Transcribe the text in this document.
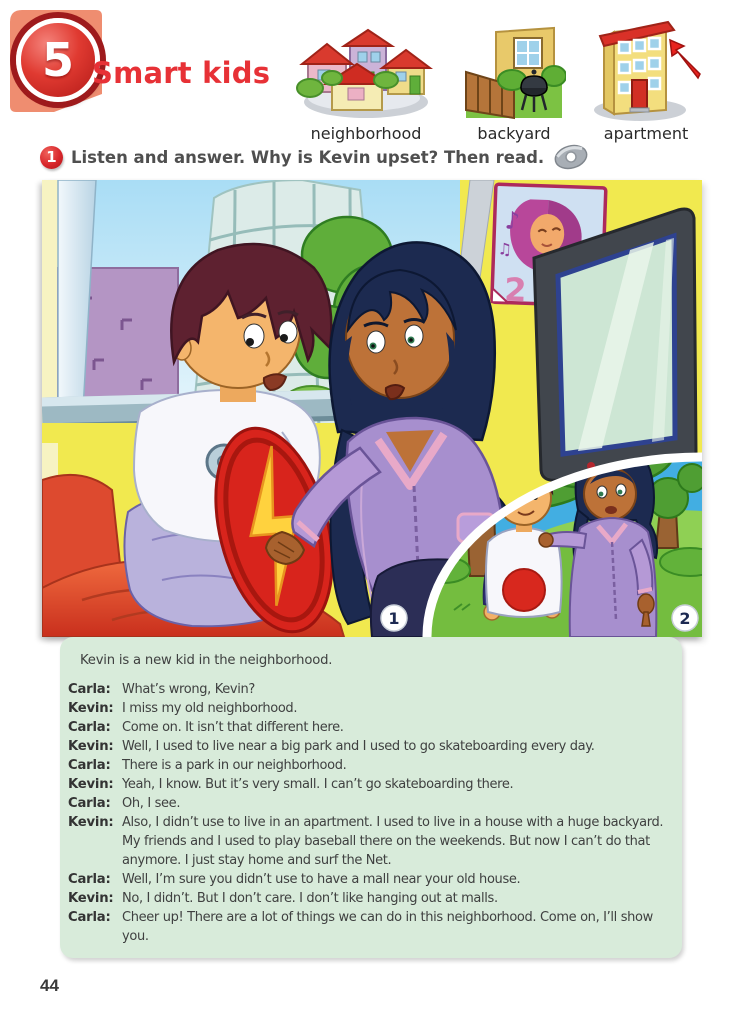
5 Smart kids
neighborhood	backyard	apartment
1 Listen and answer. Why is Kevin upset? Then read.
♪
♫
2
1	2

Kevin is a new kid in the neighborhood.

Carla: What’s wrong, Kevin?
Kevin: I miss my old neighborhood.
Carla: Come on. It isn’t that different here.
Kevin: Well, I used to live near a big park and I used to go skateboarding every day.
Carla: There is a park in our neighborhood.
Kevin: Yeah, I know. But it’s very small. I can’t go skateboarding there.
Carla: Oh, I see.
Kevin: Also, I didn’t use to live in an apartment. I used to live in a house with a huge backyard. My friends and I used to play baseball there on the weekends. But now I can’t do that anymore. I just stay home and surf the Net.
Carla: Well, I’m sure you didn’t use to have a mall near your old house.
Kevin: No, I didn’t. But I don’t care. I don’t like hanging out at malls.
Carla: Cheer up! There are a lot of things we can do in this neighborhood. Come on, I’ll show you.
44
